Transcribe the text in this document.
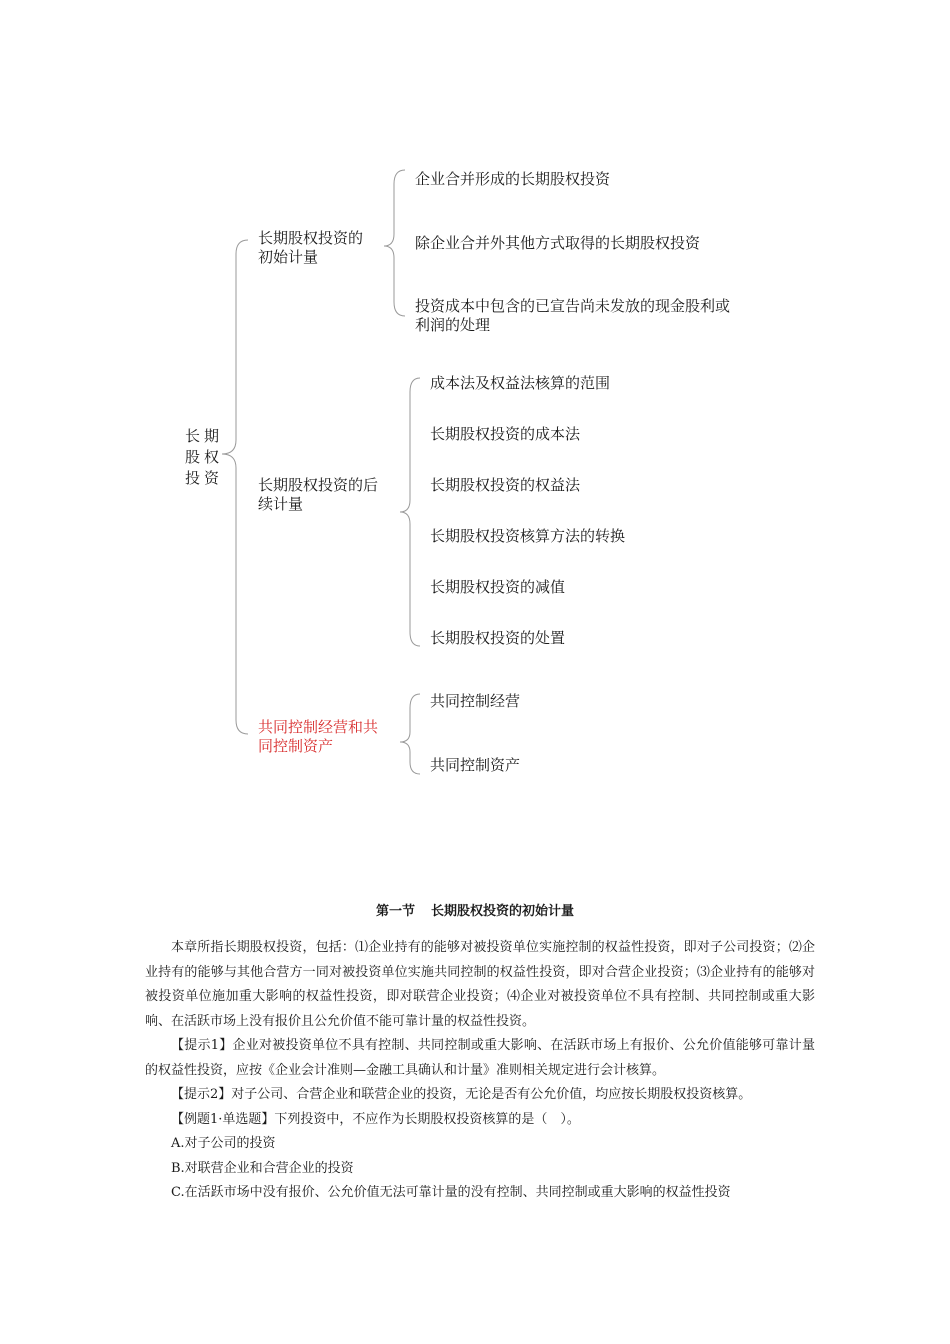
长期股权投资
长期股权投资的
初始计量
企业合并形成的长期股权投资
除企业合并外其他方式取得的长期股权投资
投资成本中包含的已宣告尚未发放的现金股利或
利润的处理
长期股权投资的后
续计量
成本法及权益法核算的范围
长期股权投资的成本法
长期股权投资的权益法
长期股权投资核算方法的转换
长期股权投资的减值
长期股权投资的处置
共同控制经营和共
同控制资产
共同控制经营
共同控制资产
第一节 长期股权投资的初始计量

本章所指长期股权投资，包括：⑴企业持有的能够对被投资单位实施控制的权益性投资，即对子公司投资；⑵企业持有的能够与其他合营方一同对被投资单位实施共同控制的权益性投资，即对合营企业投资；⑶企业持有的能够对被投资单位施加重大影响的权益性投资，即对联营企业投资；⑷企业对被投资单位不具有控制、共同控制或重大影响、在活跃市场上没有报价且公允价值不能可靠计量的权益性投资。

【提示1】企业对被投资单位不具有控制、共同控制或重大影响、在活跃市场上有报价、公允价值能够可靠计量的权益性投资，应按《企业会计准则—金融工具确认和计量》准则相关规定进行会计核算。

【提示2】对子公司、合营企业和联营企业的投资，无论是否有公允价值，均应按长期股权投资核算。

【例题1·单选题】下列投资中，不应作为长期股权投资核算的是（　）。

A.对子公司的投资

B.对联营企业和合营企业的投资

C.在活跃市场中没有报价、公允价值无法可靠计量的没有控制、共同控制或重大影响的权益性投资
